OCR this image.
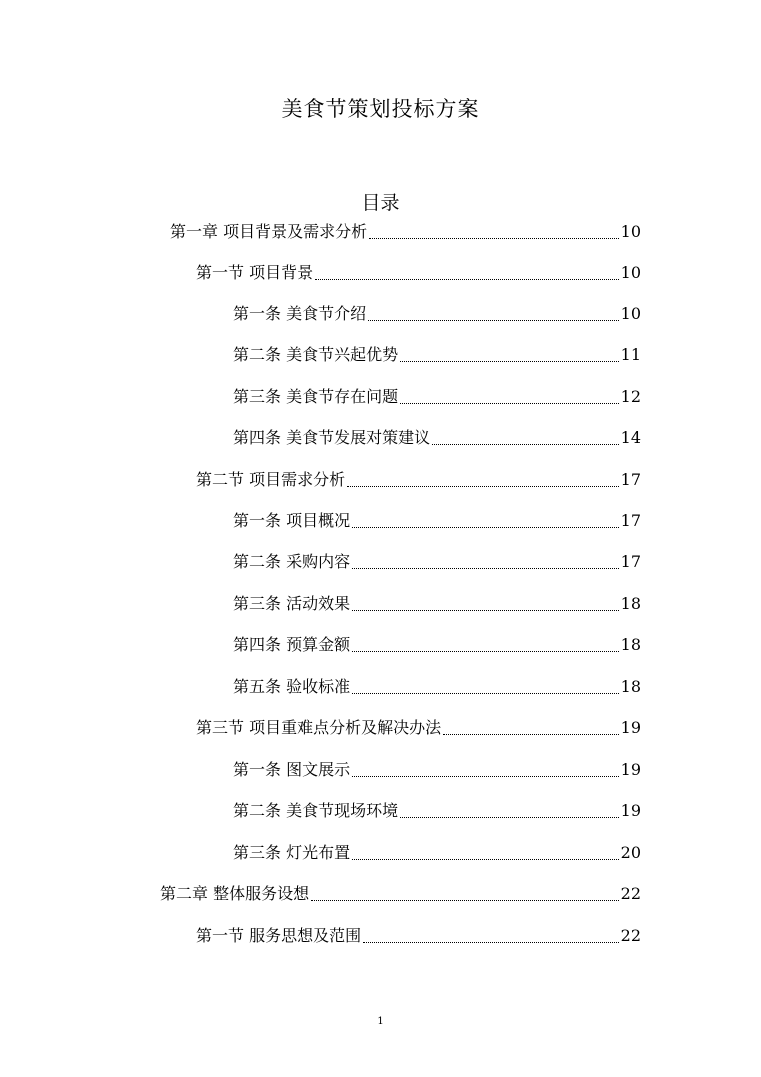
美食节策划投标方案
目录
第一章 项目背景及需求分析	10
第一节 项目背景	10
第一条 美食节介绍	10
第二条 美食节兴起优势	11
第三条 美食节存在问题	12
第四条 美食节发展对策建议	14
第二节 项目需求分析	17
第一条 项目概况	17
第二条 采购内容	17
第三条 活动效果	18
第四条 预算金额	18
第五条 验收标准	18
第三节 项目重难点分析及解决办法	19
第一条 图文展示	19
第二条 美食节现场环境	19
第三条 灯光布置	20
第二章 整体服务设想	22
第一节 服务思想及范围	22
1
